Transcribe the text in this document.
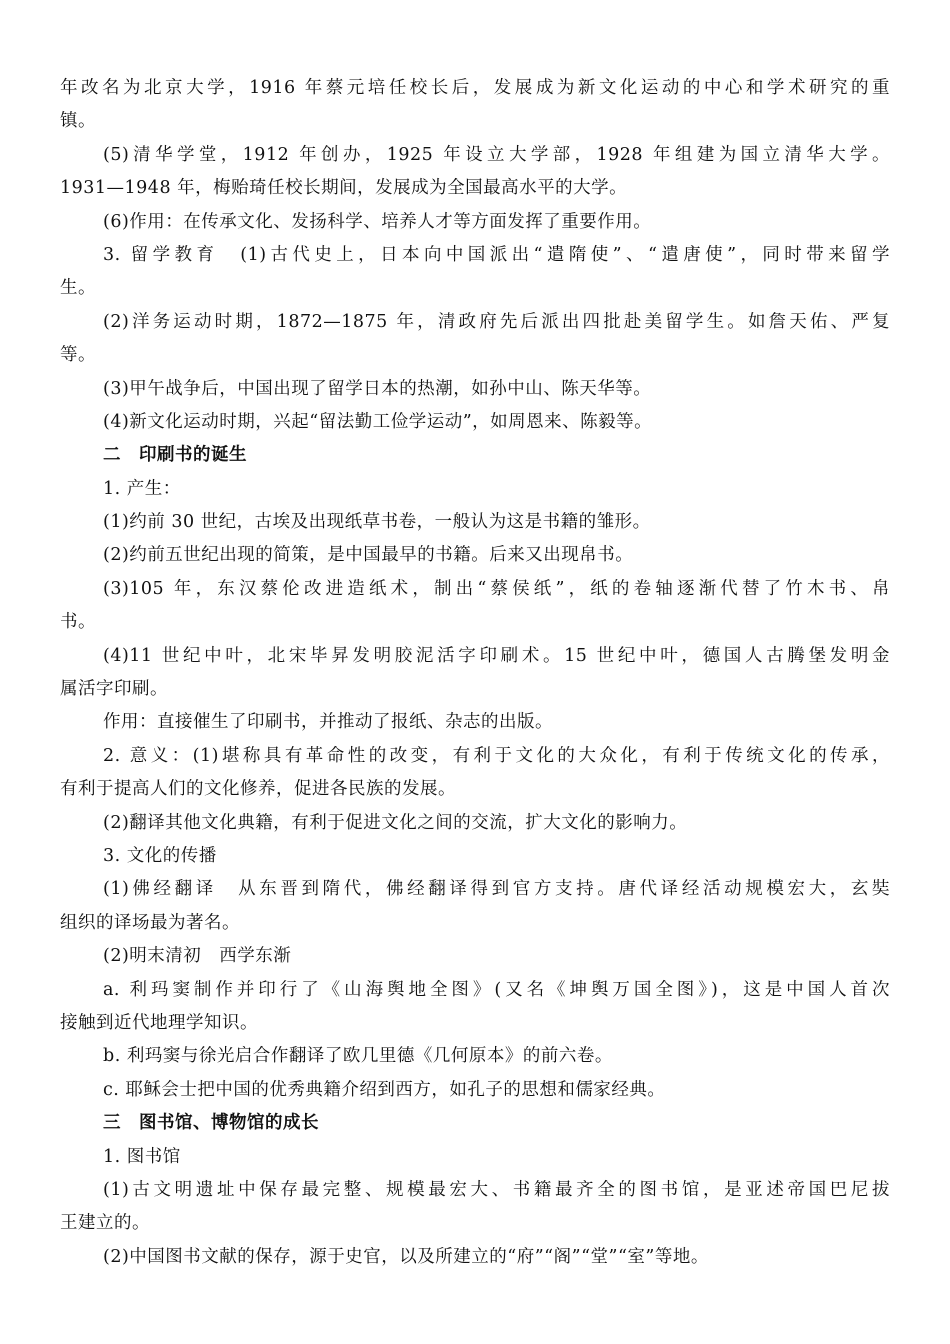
年改名为北京大学，1916 年蔡元培任校长后，发展成为新文化运动的中心和学术研究的重
镇。
(5)清华学堂，1912 年创办，1925 年设立大学部，1928 年组建为国立清华大学。
1931—1948 年，梅贻琦任校长期间，发展成为全国最高水平的大学。
(6)作用：在传承文化、发扬科学、培养人才等方面发挥了重要作用。
3. 留学教育　(1)古代史上，日本向中国派出“遣隋使”、“遣唐使”，同时带来留学
生。
(2)洋务运动时期，1872—1875 年，清政府先后派出四批赴美留学生。如詹天佑、严复
等。
(3)甲午战争后，中国出现了留学日本的热潮，如孙中山、陈天华等。
(4)新文化运动时期，兴起“留法勤工俭学运动”，如周恩来、陈毅等。
二　印刷书的诞生
1. 产生：
(1)约前 30 世纪，古埃及出现纸草书卷，一般认为这是书籍的雏形。
(2)约前五世纪出现的简策，是中国最早的书籍。后来又出现帛书。
(3)105 年，东汉蔡伦改进造纸术，制出“蔡侯纸”，纸的卷轴逐渐代替了竹木书、帛
书。
(4)11 世纪中叶，北宋毕昇发明胶泥活字印刷术。15 世纪中叶，德国人古腾堡发明金
属活字印刷。
作用：直接催生了印刷书，并推动了报纸、杂志的出版。
2. 意义：(1)堪称具有革命性的改变，有利于文化的大众化，有利于传统文化的传承，
有利于提高人们的文化修养，促进各民族的发展。
(2)翻译其他文化典籍，有利于促进文化之间的交流，扩大文化的影响力。
3. 文化的传播
(1)佛经翻译　从东晋到隋代，佛经翻译得到官方支持。唐代译经活动规模宏大，玄奘
组织的译场最为著名。
(2)明末清初　西学东渐
a. 利玛窦制作并印行了《山海舆地全图》(又名《坤舆万国全图》)，这是中国人首次
接触到近代地理学知识。
b. 利玛窦与徐光启合作翻译了欧几里德《几何原本》的前六卷。
c. 耶稣会士把中国的优秀典籍介绍到西方，如孔子的思想和儒家经典。
三　图书馆、博物馆的成长
1. 图书馆
(1)古文明遗址中保存最完整、规模最宏大、书籍最齐全的图书馆，是亚述帝国巴尼拔
王建立的。
(2)中国图书文献的保存，源于史官，以及所建立的“府”“阁”“堂”“室”等地。
